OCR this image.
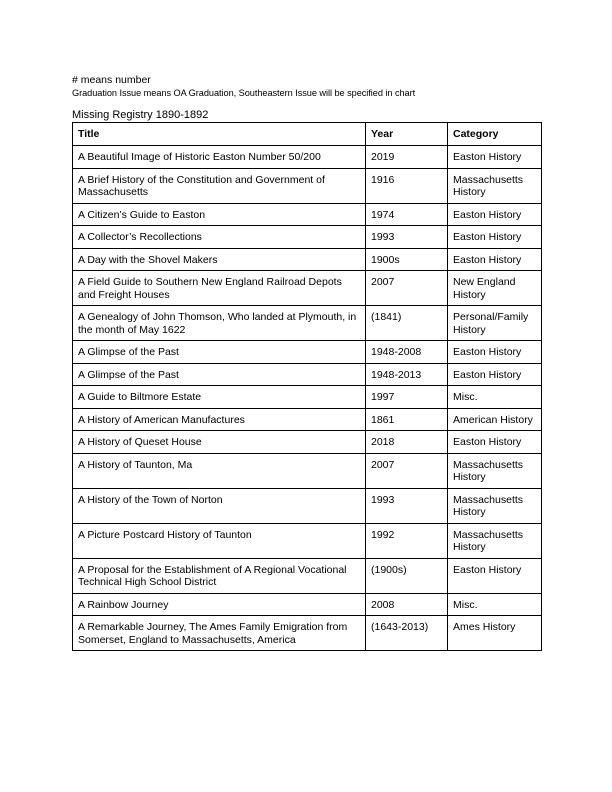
# means number
Graduation Issue means OA Graduation, Southeastern Issue will be specified in chart
Missing Registry 1890-1892
Title	Year	Category
A Beautiful Image of Historic Easton Number 50/200	2019	Easton History
A Brief History of the Constitution and Government of Massachusetts	1916	Massachusetts History
A Citizen’s Guide to Easton	1974	Easton History
A Collector’s Recollections	1993	Easton History
A Day with the Shovel Makers	1900s	Easton History
A Field Guide to Southern New England Railroad Depots and Freight Houses	2007	New England History
A Genealogy of John Thomson, Who landed at Plymouth, in the month of May 1622	(1841)	Personal/Family History
A Glimpse of the Past	1948-2008	Easton History
A Glimpse of the Past	1948-2013	Easton History
A Guide to Biltmore Estate	1997	Misc.
A History of American Manufactures	1861	American History
A History of Queset House	2018	Easton History
A History of Taunton, Ma	2007	Massachusetts History
A History of the Town of Norton	1993	Massachusetts History
A Picture Postcard History of Taunton	1992	Massachusetts History
A Proposal for the Establishment of A Regional Vocational Technical High School District	(1900s)	Easton History
A Rainbow Journey	2008	Misc.
A Remarkable Journey, The Ames Family Emigration from Somerset, England to Massachusetts, America	(1643-2013)	Ames History
